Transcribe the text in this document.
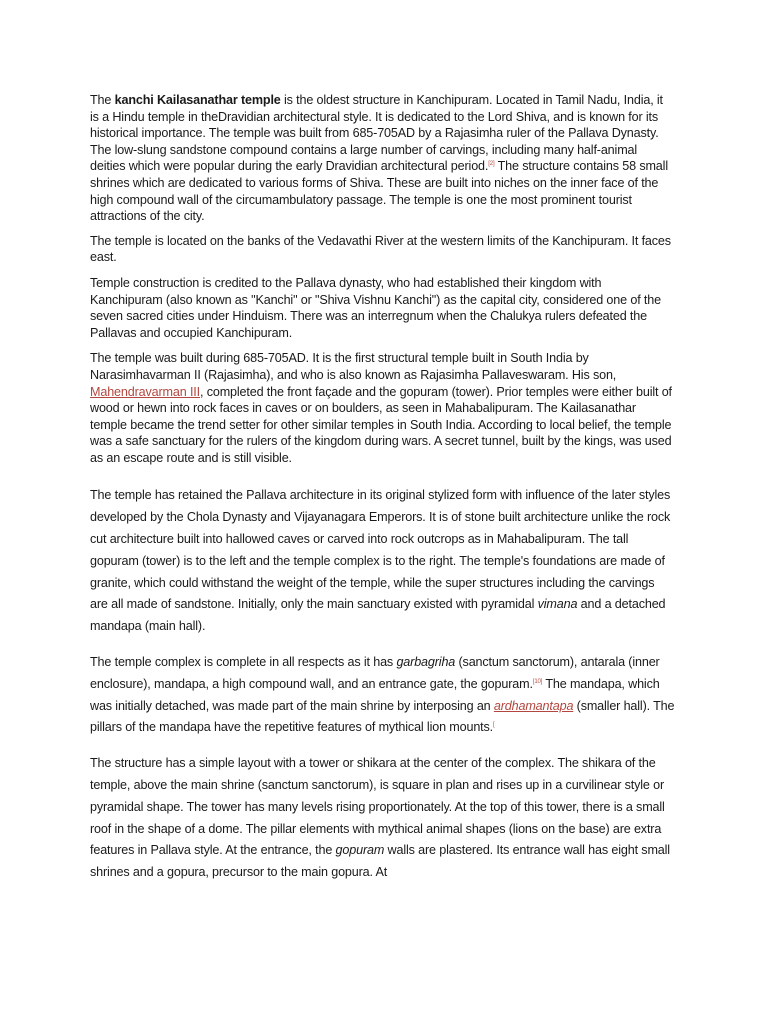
The kanchi Kailasanathar temple is the oldest structure in Kanchipuram. Located in Tamil Nadu, India, it is a Hindu temple in theDravidian architectural style. It is dedicated to the Lord Shiva, and is known for its historical importance. The temple was built from 685-705AD by a Rajasimha ruler of the Pallava Dynasty. The low-slung sandstone compound contains a large number of carvings, including many half-animal deities which were popular during the early Dravidian architectural period.[2] The structure contains 58 small shrines which are dedicated to various forms of Shiva. These are built into niches on the inner face of the high compound wall of the circumambulatory passage. The temple is one the most prominent tourist attractions of the city.

The temple is located on the banks of the Vedavathi River at the western limits of the Kanchipuram. It faces east.

Temple construction is credited to the Pallava dynasty, who had established their kingdom with Kanchipuram (also known as "Kanchi" or "Shiva Vishnu Kanchi") as the capital city, considered one of the seven sacred cities under Hinduism. There was an interregnum when the Chalukya rulers defeated the Pallavas and occupied Kanchipuram.

The temple was built during 685-705AD. It is the first structural temple built in South India by Narasimhavarman II (Rajasimha), and who is also known as Rajasimha Pallaveswaram. His son, Mahendravarman III, completed the front façade and the gopuram (tower). Prior temples were either built of wood or hewn into rock faces in caves or on boulders, as seen in Mahabalipuram. The Kailasanathar temple became the trend setter for other similar temples in South India. According to local belief, the temple was a safe sanctuary for the rulers of the kingdom during wars. A secret tunnel, built by the kings, was used as an escape route and is still visible.

The temple has retained the Pallava architecture in its original stylized form with influence of the later styles developed by the Chola Dynasty and Vijayanagara Emperors. It is of stone built architecture unlike the rock cut architecture built into hallowed caves or carved into rock outcrops as in Mahabalipuram. The tall gopuram (tower) is to the left and the temple complex is to the right. The temple's foundations are made of granite, which could withstand the weight of the temple, while the super structures including the carvings are all made of sandstone. Initially, only the main sanctuary existed with pyramidal vimana and a detached mandapa (main hall).

The temple complex is complete in all respects as it has garbagriha (sanctum sanctorum), antarala (inner enclosure), mandapa, a high compound wall, and an entrance gate, the gopuram.[10] The mandapa, which was initially detached, was made part of the main shrine by interposing an ardhamantapa (smaller hall). The pillars of the mandapa have the repetitive features of mythical lion mounts.[

The structure has a simple layout with a tower or shikara at the center of the complex. The shikara of the temple, above the main shrine (sanctum sanctorum), is square in plan and rises up in a curvilinear style or pyramidal shape. The tower has many levels rising proportionately. At the top of this tower, there is a small roof in the shape of a dome. The pillar elements with mythical animal shapes (lions on the base) are extra features in Pallava style. At the entrance, the gopuram walls are plastered. Its entrance wall has eight small shrines and a gopura, precursor to the main gopura. At
